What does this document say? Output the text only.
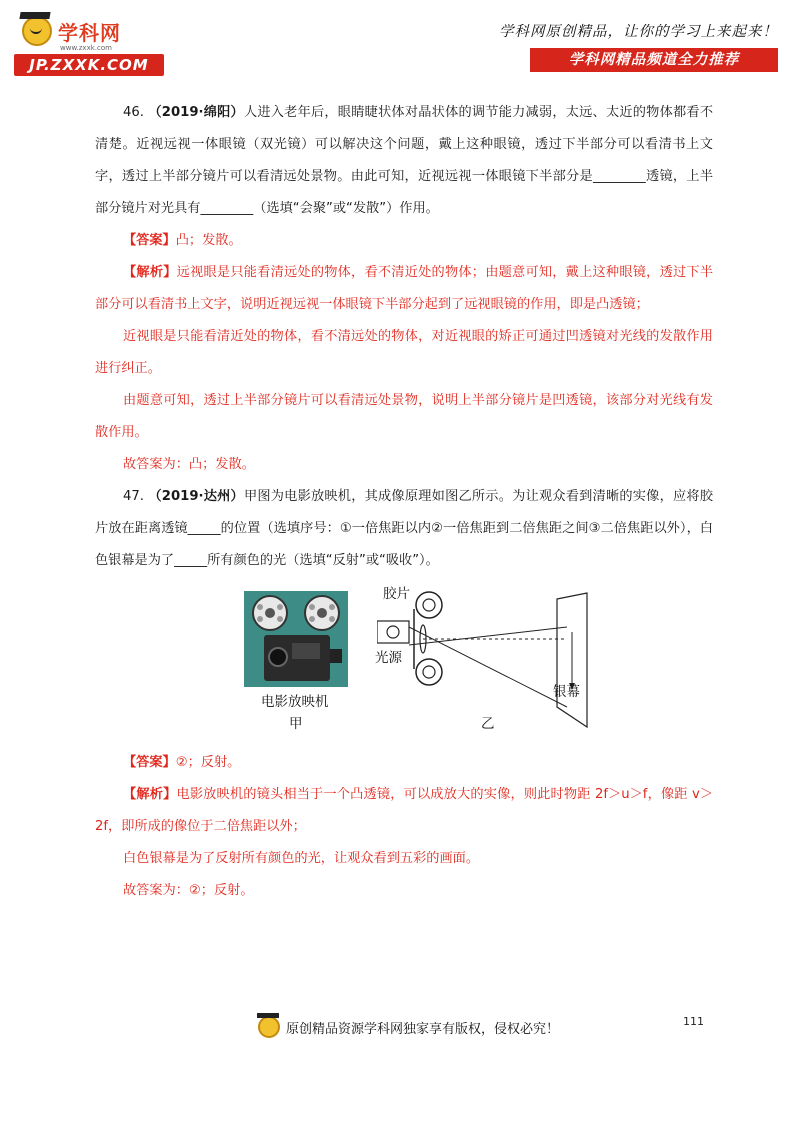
学科网
www.zxxk.com
JP.ZXXK.COM
学科网原创精品，让你的学习上来起来！
学科网精品频道全力推荐

46. （2019·绵阳）人进入老年后，眼睛睫状体对晶状体的调节能力减弱，太远、太近的物体都看不清楚。近视远视一体眼镜（双光镜）可以解决这个问题，戴上这种眼镜，透过下半部分可以看清书上文字，透过上半部分镜片可以看清远处景物。由此可知，近视远视一体眼镜下半部分是________透镜，上半部分镜片对光具有________（选填“会聚”或“发散”）作用。

【答案】凸；发散。

【解析】远视眼是只能看清远处的物体，看不清近处的物体；由题意可知，戴上这种眼镜，透过下半部分可以看清书上文字，说明近视远视一体眼镜下半部分起到了远视眼镜的作用，即是凸透镜；

近视眼是只能看清近处的物体，看不清远处的物体，对近视眼的矫正可通过凹透镜对光线的发散作用进行纠正。

由题意可知，透过上半部分镜片可以看清远处景物，说明上半部分镜片是凹透镜，该部分对光线有发散作用。

故答案为：凸；发散。

47. （2019·达州）甲图为电影放映机，其成像原理如图乙所示。为让观众看到清晰的实像，应将胶片放在距离透镜_____的位置（选填序号：①一倍焦距以内②一倍焦距到二倍焦距之间③二倍焦距以外），白色银幕是为了_____所有颜色的光（选填“反射”或“吸收”）。

电影放映机
甲
胶片
光源
银幕
乙

【答案】②；反射。

【解析】电影放映机的镜头相当于一个凸透镜，可以成放大的实像，则此时物距 2f＞u＞f，像距 v＞2f，即所成的像位于二倍焦距以外；

白色银幕是为了反射所有颜色的光，让观众看到五彩的画面。

故答案为：②；反射。

111
原创精品资源学科网独家享有版权，侵权必究！
